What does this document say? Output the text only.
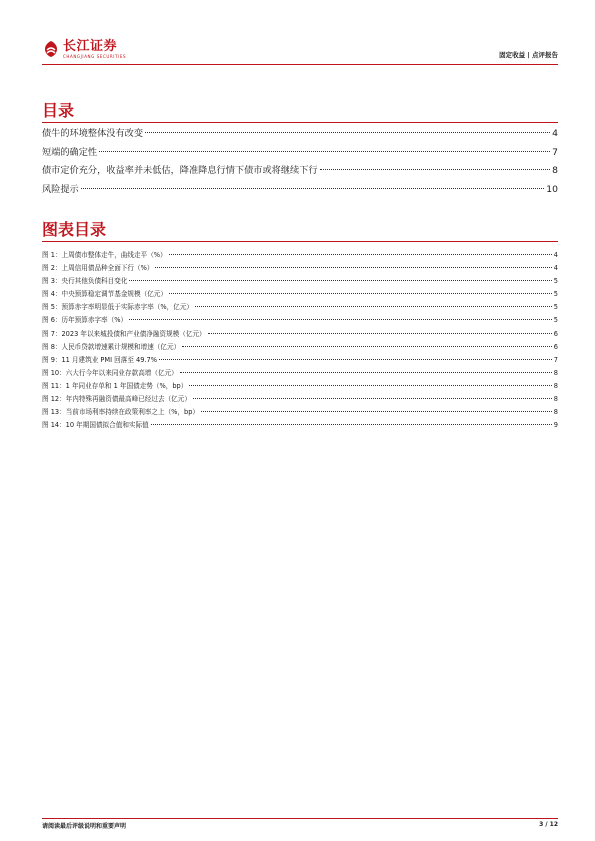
长江证券
CHANGJIANG SECURITIES	固定收益 | 点评报告
目录
债牛的环境整体没有改变	4
短端的确定性	7
债市定价充分，收益率并未低估，降准降息行情下债市或将继续下行	8
风险提示	10
图表目录
图 1：上周债市整体走牛，曲线走平（%）	4
图 2：上周信用债品种全面下行（%）	4
图 3：央行其他负债科目变化	5
图 4：中央预算稳定调节基金规模（亿元）	5
图 5：预算赤字率明显低于实际赤字率（%，亿元）	5
图 6：历年预算赤字率（%）	5
图 7：2023 年以来城投债和产业债净融资规模（亿元）	6
图 8：人民币贷款增速累计规模和增速（亿元）	6
图 9：11 月建筑业 PMI 回落至 49.7%	7
图 10：六大行今年以来同业存款高增（亿元）	8
图 11：1 年同业存单和 1 年国债走势（%，bp）	8
图 12：年内特殊再融资债最高峰已经过去（亿元）	8
图 13：当前市场利率持续在政策利率之上（%，bp）	8
图 14：10 年期国债拟合值和实际值	9
请阅读最后评级说明和重要声明	3 / 12
